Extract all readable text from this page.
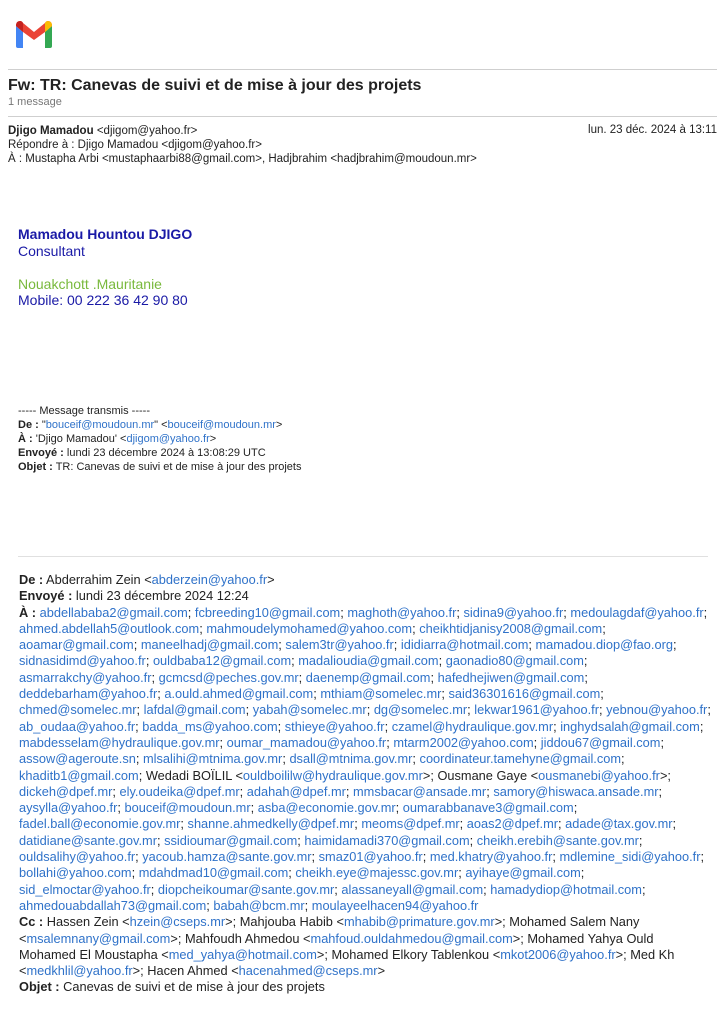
Fw: TR: Canevas de suivi et de mise à jour des projets
1 message
Djigo Mamadou <djigom@yahoo.fr>	lun. 23 déc. 2024 à 13:11
Répondre à : Djigo Mamadou <djigom@yahoo.fr>
À : Mustapha Arbi <mustaphaarbi88@gmail.com>, Hadjbrahim <hadjbrahim@moudoun.mr>
Mamadou Hountou DJIGO
Consultant
Nouakchott .Mauritanie
Mobile: 00 222 36 42 90 80
----- Message transmis -----
De : "bouceif@moudoun.mr" <bouceif@moudoun.mr>
À : 'Djigo Mamadou' <djigom@yahoo.fr>
Envoyé : lundi 23 décembre 2024 à 13:08:29 UTC
Objet : TR: Canevas de suivi et de mise à jour des projets

De : Abderrahim Zein <abderzein@yahoo.fr>

Envoyé : lundi 23 décembre 2024 12:24

À : abdellababa2@gmail.com; fcbreeding10@gmail.com; maghoth@yahoo.fr; sidina9@yahoo.fr; medoulagdaf@yahoo.fr; ahmed.abdellah5@outlook.com; mahmoudelymohamed@yahoo.com; cheikhtidjanisy2008@gmail.com; aoamar@gmail.com; maneelhadj@gmail.com; salem3tr@yahoo.fr; ididiarra@hotmail.com; mamadou.diop@fao.org; sidnasidimd@yahoo.fr; ouldbaba12@gmail.com; madalioudia@gmail.com; gaonadio80@gmail.com; asmarrakchy@yahoo.fr; gcmcsd@peches.gov.mr; daenemp@gmail.com; hafedhejiwen@gmail.com; deddebarham@yahoo.fr; a.ould.ahmed@gmail.com; mthiam@somelec.mr; said36301616@gmail.com; chmed@somelec.mr; lafdal@gmail.com; yabah@somelec.mr; dg@somelec.mr; lekwar1961@yahoo.fr; yebnou@yahoo.fr; ab_oudaa@yahoo.fr; badda_ms@yahoo.com; sthieye@yahoo.fr; czamel@hydraulique.gov.mr; inghydsalah@gmail.com; mabdesselam@hydraulique.gov.mr; oumar_mamadou@yahoo.fr; mtarm2002@yahoo.com; jiddou67@gmail.com; assow@ageroute.sn; mlsalihi@mtnima.gov.mr; dsall@mtnima.gov.mr; coordinateur.tamehyne@gmail.com; khaditb1@gmail.com; Wedadi BOÏLIL <ouldboililw@hydraulique.gov.mr>; Ousmane Gaye <ousmanebi@yahoo.fr>; dickeh@dpef.mr; ely.oudeika@dpef.mr; adahah@dpef.mr; mmsbacar@ansade.mr; samory@hiswaca.ansade.mr; aysylla@yahoo.fr; bouceif@moudoun.mr; asba@economie.gov.mr; oumarabbanave3@gmail.com; fadel.ball@economie.gov.mr; shanne.ahmedkelly@dpef.mr; meoms@dpef.mr; aoas2@dpef.mr; adade@tax.gov.mr; datidiane@sante.gov.mr; ssidioumar@gmail.com; haimidamadi370@gmail.com; cheikh.erebih@sante.gov.mr; ouldsalihy@yahoo.fr; yacoub.hamza@sante.gov.mr; smaz01@yahoo.fr; med.khatry@yahoo.fr; mdlemine_sidi@yahoo.fr; bollahi@yahoo.com; mdahdmad10@gmail.com; cheikh.eye@majessc.gov.mr; ayihaye@gmail.com; sid_elmoctar@yahoo.fr; diopcheikoumar@sante.gov.mr; alassaneyall@gmail.com; hamadydiop@hotmail.com; ahmedouabdallah73@gmail.com; babah@bcm.mr; moulayeelhacen94@yahoo.fr

Cc : Hassen Zein <hzein@cseps.mr>; Mahjouba Habib <mhabib@primature.gov.mr>; Mohamed Salem Nany <msalemnany@gmail.com>; Mahfoudh Ahmedou <mahfoud.ouldahmedou@gmail.com>; Mohamed Yahya Ould Mohamed El Moustapha <med_yahya@hotmail.com>; Mohamed Elkory Tablenkou <mkot2006@yahoo.fr>; Med Kh <medkhlil@yahoo.fr>; Hacen Ahmed <hacenahmed@cseps.mr>

Objet : Canevas de suivi et de mise à jour des projets
